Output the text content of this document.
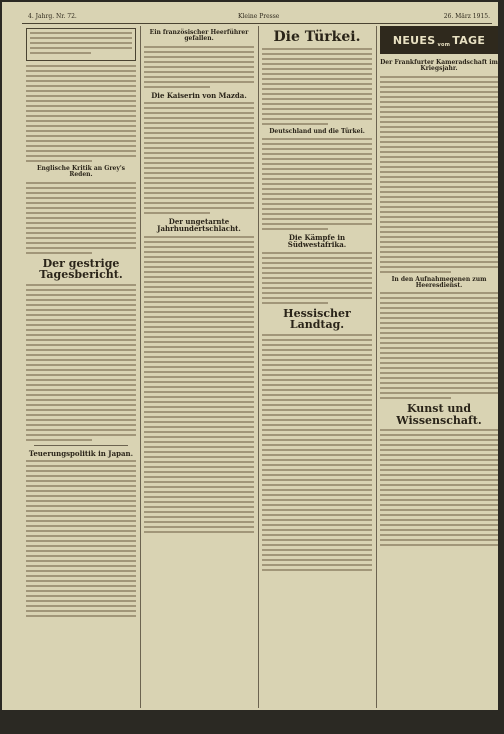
4. Jahrg. Nr. 72.	Kleine Presse	26. März 1915.
Englische Kritik an Grey's Reden.
Der gestrige Tagesbericht.
Teuerungspolitik in Japan.
Ein französischer Heerführer gefallen.
Die Kaiserin von Mazda.
Der ungetarnte Jahrhundertschlacht.
Die Türkei.
Deutschland und die Türkei.
Die Kämpfe in Südwestafrika.
Hessischer Landtag.
NEUES vom TAGE
Der Frankfurter Kameradschaft im Kriegsjahr.
In den Aufnahmegenen zum Heeresdienst.
Kunst und Wissenschaft.
